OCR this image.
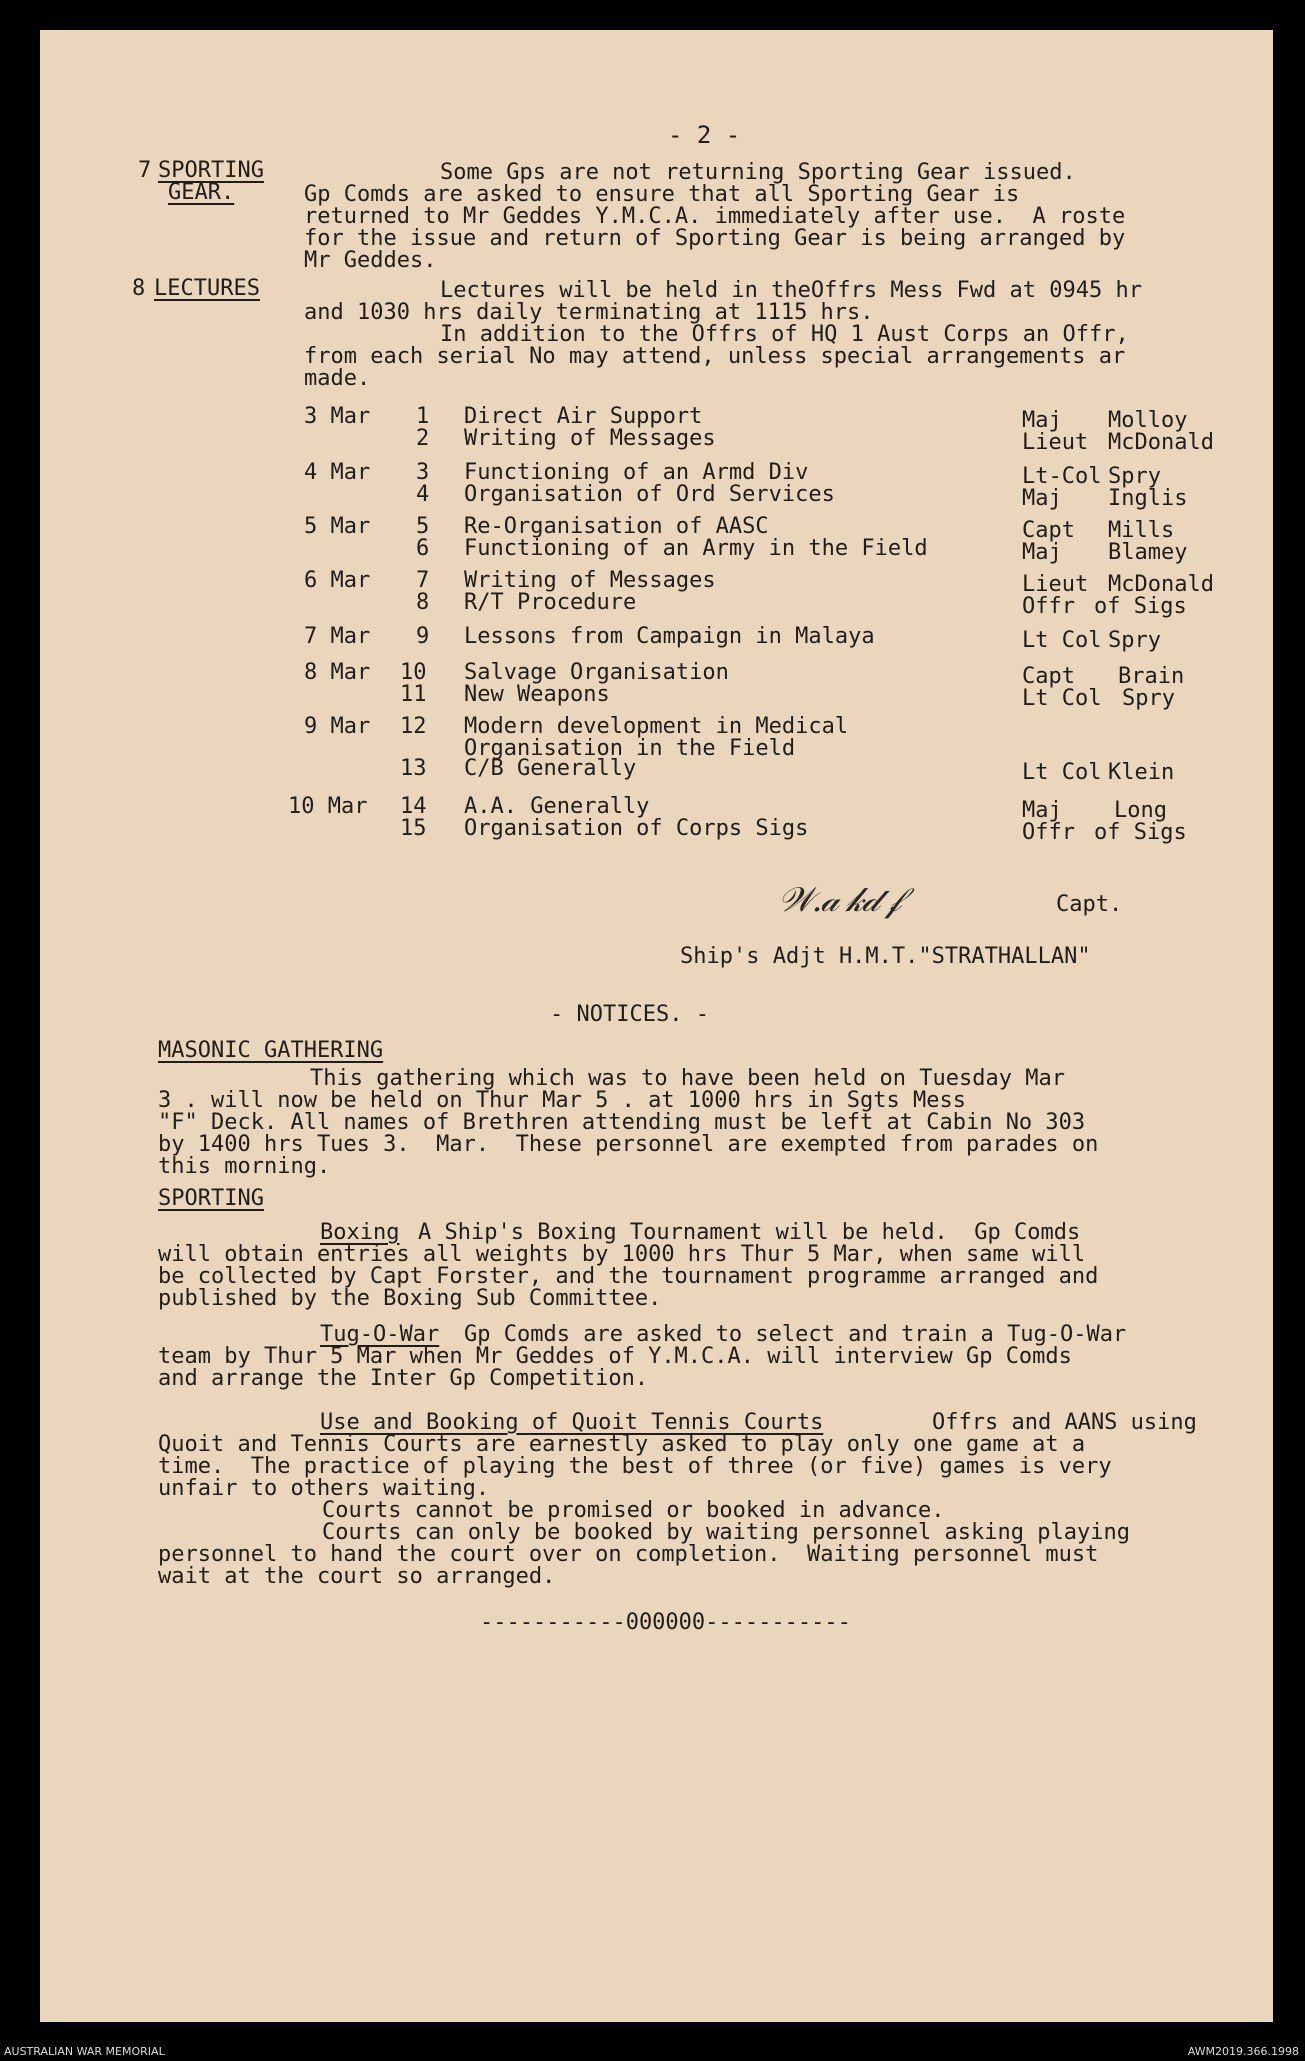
- 2 -
7 SPORTING
GEAR.
Some Gps are not returning Sporting Gear issued.
Gp Comds are asked to ensure that all Sporting Gear is
returned to Mr Geddes Y.M.C.A. immediately after use.  A roste
for the issue and return of Sporting Gear is being arranged by
Mr Geddes.
8 LECTURES	Lectures will be held in theOffrs Mess Fwd at 0945 hr
and 1030 hrs daily terminating at 1115 hrs.
In addition to the Offrs of HQ 1 Aust Corps an Offr,
from each serial No may attend, unless special arrangements ar
made.
3 Mar 1 Direct Air Support	Maj Molloy
2 Writing of Messages	Lieut McDonald
4 Mar 3 Functioning of an Armd Div	Lt-Col Spry
4 Organisation of Ord Services	Maj Inglis
5 Mar 5 Re-Organisation of AASC	Capt Mills
6 Functioning of an Army in the Field	Maj Blamey
6 Mar 7 Writing of Messages	Lieut McDonald
8 R/T Procedure	Offr of Sigs
7 Mar 9 Lessons from Campaign in Malaya	Lt Col Spry
8 Mar 10 Salvage Organisation	Capt Brain
11 New Weapons	Lt Col Spry
9 Mar 12 Modern development in Medical
Organisation in the Field
13 C/B Generally	Lt Col Klein
10 Mar 14 A.A. Generally	Maj Long
15 Organisation of Corps Sigs	Offr of Sigs
𝒲.𝒶 𝓀𝒹 𝒻	Capt.
Ship's Adjt H.M.T."STRATHALLAN"
- NOTICES. -
MASONIC GATHERING
This gathering which was to have been held on Tuesday Mar
3 . will now be held on Thur Mar 5 . at 1000 hrs in Sgts Mess
"F" Deck. All names of Brethren attending must be left at Cabin No 303
by 1400 hrs Tues 3.  Mar.  These personnel are exempted from parades on
this morning.
SPORTING
Boxing A Ship's Boxing Tournament will be held.  Gp Comds
will obtain entries all weights by 1000 hrs Thur 5 Mar, when same will
be collected by Capt Forster, and the tournament programme arranged and
published by the Boxing Sub Committee.
Tug-O-War Gp Comds are asked to select and train a Tug-O-War
team by Thur 5 Mar when Mr Geddes of Y.M.C.A. will interview Gp Comds
and arrange the Inter Gp Competition.
Use and Booking of Quoit Tennis Courts	Offrs and AANS using
Quoit and Tennis Courts are earnestly asked to play only one game at a
time.  The practice of playing the best of three (or five) games is very
unfair to others waiting.
Courts cannot be promised or booked in advance.
Courts can only be booked by waiting personnel asking playing
personnel to hand the court over on completion.  Waiting personnel must
wait at the court so arranged.
-----------000000-----------
AUSTRALIAN WAR MEMORIAL	AWM2019.366.1998
